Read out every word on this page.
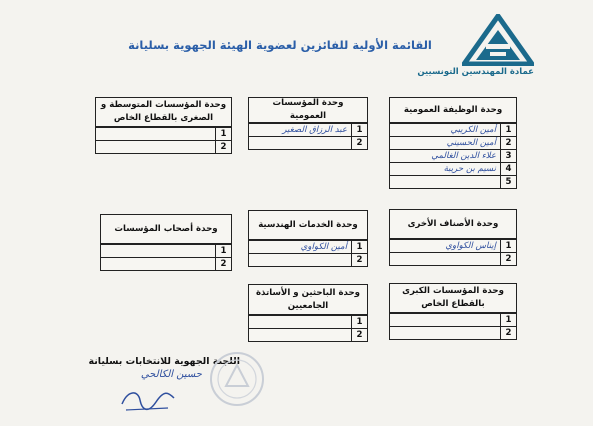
عمادة المهندسين التونسيين
القائمة الأولية للفائزين لعضوية الهيئة الجهوية بسليانة
وحدة الوظيفة العمومية
1	أمين الكريبي
2	أمين الحسيني
3	علاء الدين الغالمي
4	نسيم بن حريبة
5	
وحدة المؤسسات العمومية
1	عبد الرزاق الصغير
2	
وحدة المؤسسات المتوسطة و الصغرى بالقطاع الخاص
1	
2	
وحدة الأصناف الأخرى
1	إيناس الكواوي
2	
وحدة الخدمات الهندسية
1	أمين الكواوي
2	
وحدة أصحاب المؤسسات
1	
2	
وحدة المؤسسات الكبرى بالقطاع الخاص
1	
2	
وحدة الباحثين و الأساتذة الجامعيين
1	
2	
اللجنة الجهوية للانتخابات بسليانة
حسين الكالحي
